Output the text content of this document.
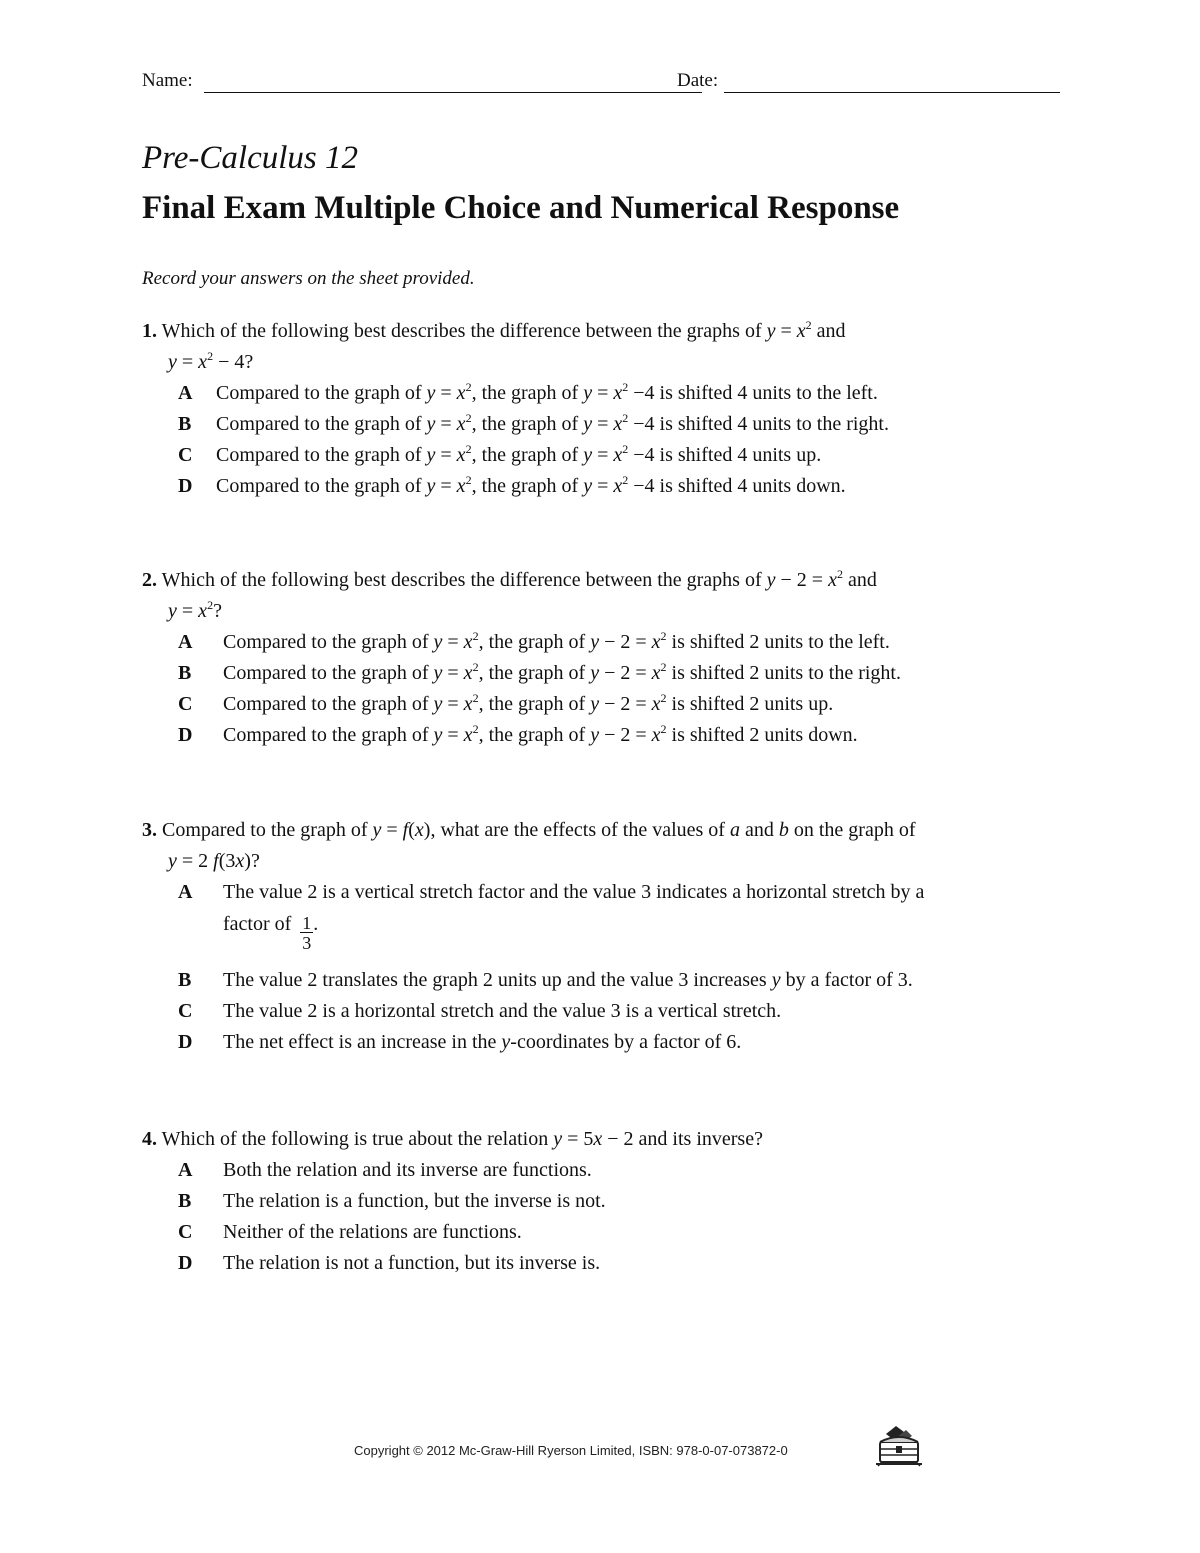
Name:	Date:
Pre-Calculus 12
Final Exam Multiple Choice and Numerical Response
Record your answers on the sheet provided.
1. Which of the following best describes the difference between the graphs of $y = x^2$ and
$y = x^2 - 4$?
A Compared to the graph of $y = x^2$, the graph of $y = x^2 -4$ is shifted 4 units to the left.
B Compared to the graph of $y = x^2$, the graph of $y = x^2 -4$ is shifted 4 units to the right.
C Compared to the graph of $y = x^2$, the graph of $y = x^2 -4$ is shifted 4 units up.
D Compared to the graph of $y = x^2$, the graph of $y = x^2 -4$ is shifted 4 units down.
2. Which of the following best describes the difference between the graphs of $y - 2 = x^2$ and
$y = x^2$?
A Compared to the graph of $y = x^2$, the graph of $y - 2 = x^2$ is shifted 2 units to the left.
B Compared to the graph of $y = x^2$, the graph of $y - 2 = x^2$ is shifted 2 units to the right.
C Compared to the graph of $y = x^2$, the graph of $y - 2 = x^2$ is shifted 2 units up.
D Compared to the graph of $y = x^2$, the graph of $y - 2 = x^2$ is shifted 2 units down.
3. Compared to the graph of y = f(x), what are the effects of the values of a and b on the graph of
y = 2 f(3x)?
A The value 2 is a vertical stretch factor and the value 3 indicates a horizontal stretch by a
factor of $\frac{1}{3}$ .
B The value 2 translates the graph 2 units up and the value 3 increases y by a factor of 3.
C The value 2 is a horizontal stretch and the value 3 is a vertical stretch.
D The net effect is an increase in the y-coordinates by a factor of 6.
4. Which of the following is true about the relation y = 5x − 2 and its inverse?
A Both the relation and its inverse are functions.
B The relation is a function, but the inverse is not.
C Neither of the relations are functions.
D The relation is not a function, but its inverse is.
Copyright © 2012 Mc-Graw-Hill Ryerson Limited, ISBN: 978-0-07-073872-0
